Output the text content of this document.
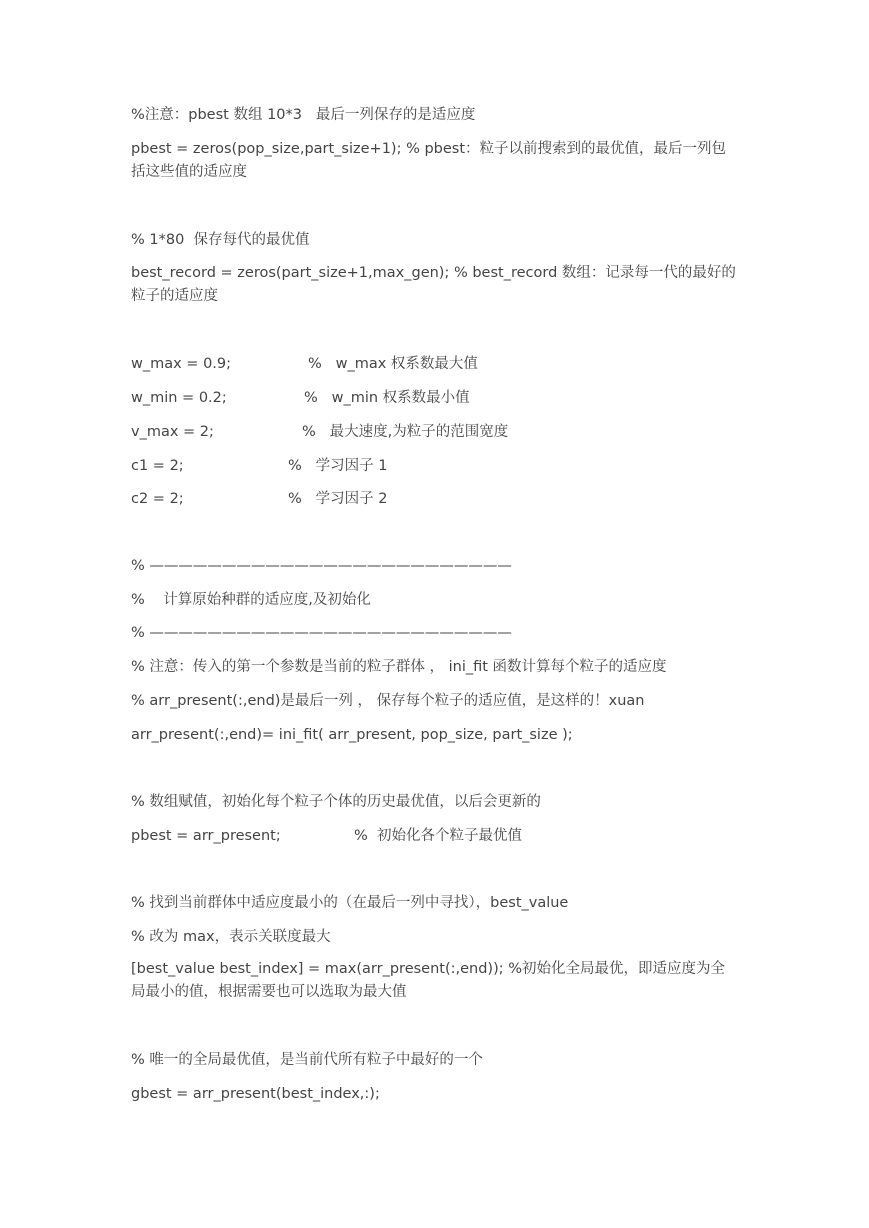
%注意：pbest 数组 10*3   最后一列保存的是适应度
pbest = zeros(pop_size,part_size+1); % pbest：粒子以前搜索到的最优值，最后一列包括这些值的适应度
% 1*80  保存每代的最优值
best_record = zeros(part_size+1,max_gen); % best_record 数组：记录每一代的最好的粒子的适应度
w_max = 0.9;	%   w_max 权系数最大值
w_min = 0.2;	%   w_min 权系数最小值
v_max = 2;	%   最大速度,为粒子的范围宽度
c1 = 2;	%   学习因子 1
c2 = 2;	%   学习因子 2
% —————————————————————————
%    计算原始种群的适应度,及初始化
% —————————————————————————
% 注意：传入的第一个参数是当前的粒子群体 ， ini_fit 函数计算每个粒子的适应度
% arr_present(:,end)是最后一列 ， 保存每个粒子的适应值，是这样的！xuan
arr_present(:,end)= ini_fit( arr_present, pop_size, part_size );
% 数组赋值，初始化每个粒子个体的历史最优值，以后会更新的
pbest = arr_present;	%  初始化各个粒子最优值
% 找到当前群体中适应度最小的（在最后一列中寻找），best_value
% 改为 max，表示关联度最大
[best_value best_index] = max(arr_present(:,end)); %初始化全局最优，即适应度为全局最小的值，根据需要也可以选取为最大值
% 唯一的全局最优值，是当前代所有粒子中最好的一个
gbest = arr_present(best_index,:);
